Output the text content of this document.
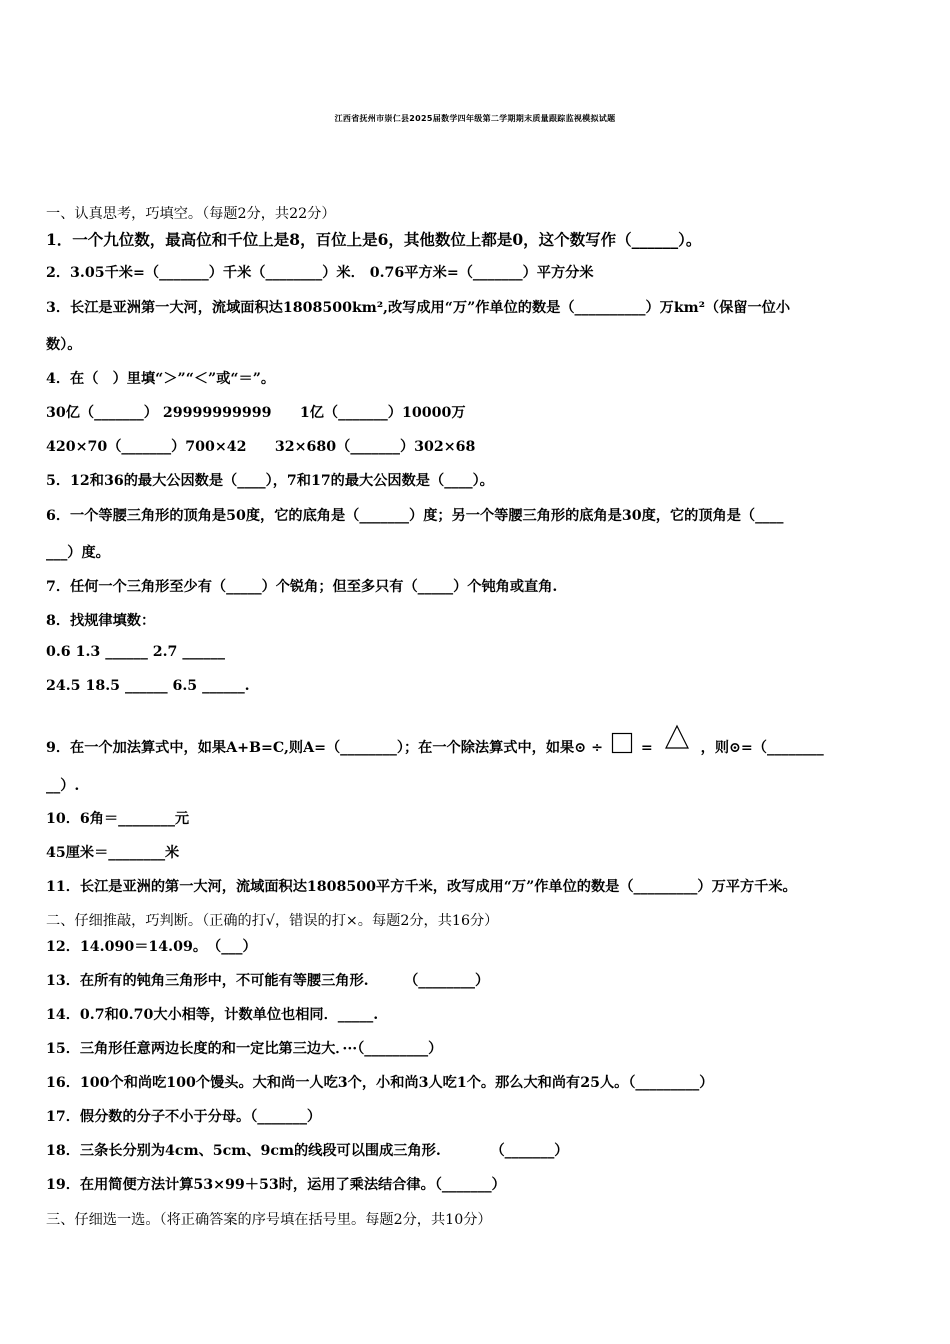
江西省抚州市崇仁县2025届数学四年级第二学期期末质量跟踪监视模拟试题
一、认真思考，巧填空。（每题2分，共22分）
1．一个九位数，最高位和千位上是8，百位上是6，其他数位上都是0，这个数写作（______）。
2．3.05千米=（_______）千米（________）米． 0.76平方米=（_______）平方分米
3．长江是亚洲第一大河，流域面积达1808500km²,改写成用“万”作单位的数是（__________）万km²（保留一位小
数）。
4．在（　）里填“＞”“＜”或“＝”。
30亿（_______） 29999999999　　1亿（_______）10000万
420×70（_______）700×42　　32×680（_______）302×68
5．12和36的最大公因数是（____），7和17的最大公因数是（____）。
6．一个等腰三角形的顶角是50度，它的底角是（_______）度；另一个等腰三角形的底角是30度，它的顶角是（____
___）度。
7．任何一个三角形至少有（_____）个锐角；但至多只有（_____）个钝角或直角.
8．找规律填数：
0.6 1.3 ______ 2.7 ______
24.5 18.5 ______ 6.5 ______.
9．在一个加法算式中，如果A+B=C,则A=（________）；在一个除法算式中，如果⊙ ÷	=	，则⊙=（________
__）.
10．6角＝________元
45厘米＝________米
11．长江是亚洲的第一大河，流域面积达1808500平方千米，改写成用“万”作单位的数是（_________）万平方千米。
二、仔细推敲，巧判断。（正确的打√，错误的打×。每题2分，共16分）
12．14.090＝14.09。　（___）
13．在所有的钝角三角形中，不可能有等腰三角形.　　　（________）
14．0.7和0.70大小相等，计数单位也相同．_____.
15．三角形任意两边长度的和一定比第三边大．···（_________）
16．100个和尚吃100个馒头。大和尚一人吃3个，小和尚3人吃1个。那么大和尚有25人。（_________）
17．假分数的分子不小于分母。（_______）
18．三条长分别为4cm、5cm、9cm的线段可以围成三角形.　　　　（_______）
19．在用简便方法计算53×99＋53时，运用了乘法结合律。（_______）
三、仔细选一选。（将正确答案的序号填在括号里。每题2分，共10分）
